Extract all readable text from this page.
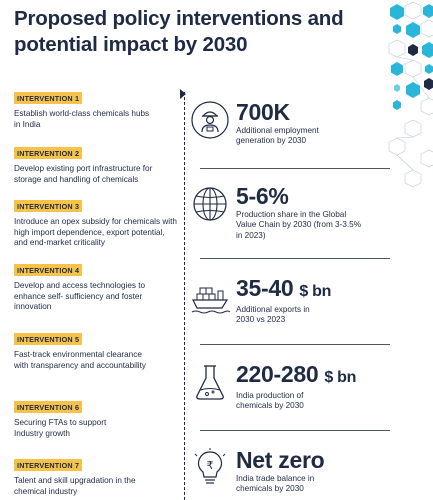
Proposed policy interventions and potential impact by 2030
INTERVENTION 1
Establish world-class chemicals hubs in India
INTERVENTION 2
Develop existing port infrastructure for storage and handling of chemicals
INTERVENTION 3
Introduce an opex subsidy for chemicals with high import dependence, export potential, and end-market criticality
INTERVENTION 4
Develop and access technologies to enhance self- sufficiency and foster innovation
INTERVENTION 5
Fast-track environmental clearance with transparency and accountability
INTERVENTION 6
Securing FTAs to support Industry growth
INTERVENTION 7
Talent and skill upgradation in the chemical industry
700K
Additional employment generation by 2030
5-6%
Production share in the Global Value Chain by 2030 (from 3-3.5% in 2023)
35-40 $ bn
Additional exports in 2030 vs 2023
220-280 $ bn
India production of chemicals by 2030
₹ Net zero
India trade balance in chemicals by 2030
